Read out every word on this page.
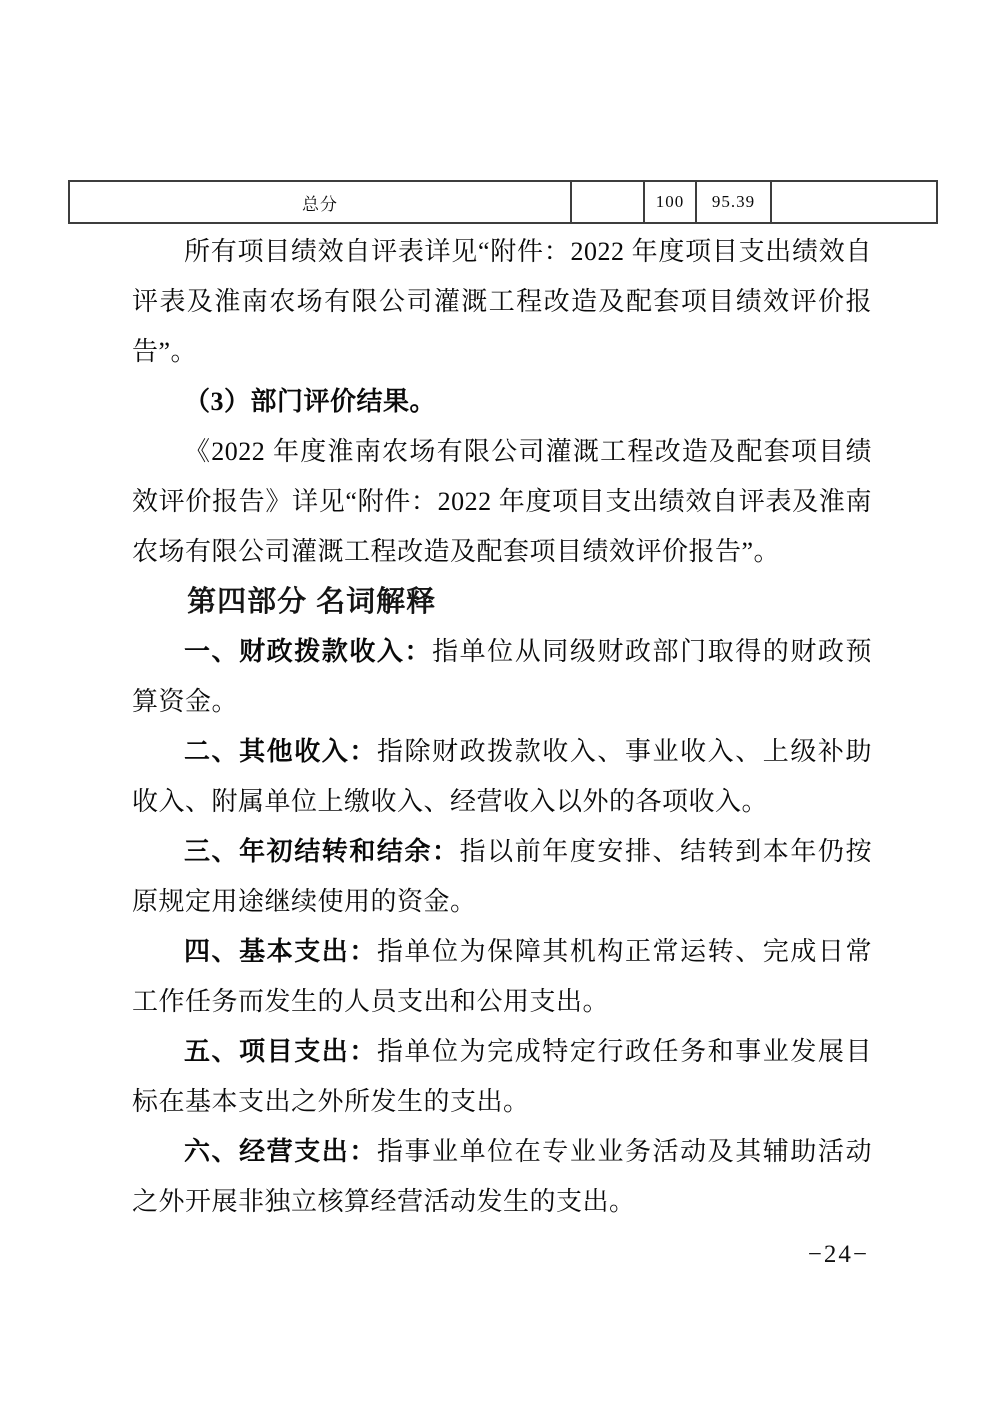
总分		100	95.39	

所有项目绩效自评表详见“附件：2022 年度项目支出绩效自评表及淮南农场有限公司灌溉工程改造及配套项目绩效评价报告”。

（3）部门评价结果。

《2022 年度淮南农场有限公司灌溉工程改造及配套项目绩效评价报告》详见“附件：2022 年度项目支出绩效自评表及淮南农场有限公司灌溉工程改造及配套项目绩效评价报告”。

第四部分 名词解释

一、财政拨款收入：指单位从同级财政部门取得的财政预算资金。

二、其他收入：指除财政拨款收入、事业收入、上级补助收入、附属单位上缴收入、经营收入以外的各项收入。

三、年初结转和结余：指以前年度安排、结转到本年仍按原规定用途继续使用的资金。

四、基本支出：指单位为保障其机构正常运转、完成日常工作任务而发生的人员支出和公用支出。

五、项目支出：指单位为完成特定行政任务和事业发展目标在基本支出之外所发生的支出。

六、经营支出：指事业单位在专业业务活动及其辅助活动之外开展非独立核算经营活动发生的支出。

−24−
